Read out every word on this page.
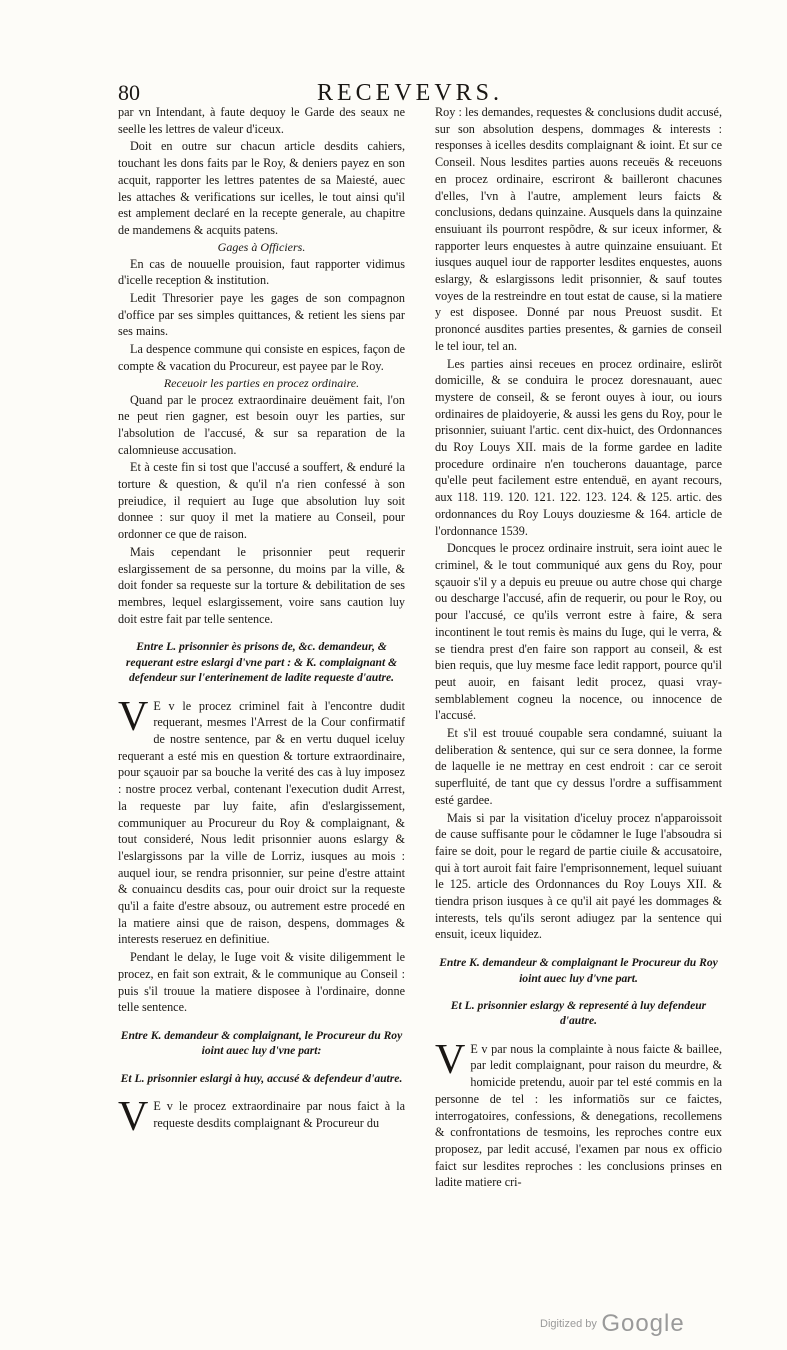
80	RECEVEVRS.

par vn Intendant, à faute dequoy le Garde des seaux ne seelle les lettres de valeur d'iceux.

Doit en outre sur chacun article desdits cahiers, touchant les dons faits par le Roy, & deniers payez en son acquit, rapporter les lettres patentes de sa Maiesté, auec les attaches & verifications sur icelles, le tout ainsi qu'il est amplement declaré en la recepte generale, au chapitre de mandemens & acquits patens.

Gages à Officiers.

En cas de nouuelle prouision, faut rapporter vidimus d'icelle reception & institution.

Ledit Thresorier paye les gages de son compagnon d'office par ses simples quittances, & retient les siens par ses mains.

La despence commune qui consiste en espices, façon de compte & vacation du Procureur, est payee par le Roy.

Receuoir les parties en procez ordinaire.

Quand par le procez extraordinaire deuëment fait, l'on ne peut rien gagner, est besoin ouyr les parties, sur l'absolution de l'accusé, & sur sa reparation de la calomnieuse accusation.

Et à ceste fin si tost que l'accusé a souffert, & enduré la torture & question, & qu'il n'a rien confessé à son preiudice, il requiert au Iuge que absolution luy soit donnee : sur quoy il met la matiere au Conseil, pour ordonner ce que de raison.

Mais cependant le prisonnier peut requerir eslargissement de sa personne, du moins par la ville, & doit fonder sa requeste sur la torture & debilitation de ses membres, lequel eslargissement, voire sans caution luy doit estre fait par telle sentence.

Entre L. prisonnier ès prisons de, &c. demandeur, & requerant estre eslargi d'vne part : & K. complaignant & defendeur sur l'enterinement de ladite requeste d'autre.

V E v le procez criminel fait à l'encontre dudit requerant, mesmes l'Arrest de la Cour confirmatif de nostre sentence, par & en vertu duquel iceluy requerant a esté mis en question & torture extraordinaire, pour sçauoir par sa bouche la verité des cas à luy imposez : nostre procez verbal, contenant l'execution dudit Arrest, la requeste par luy faite, afin d'eslargissement, communiquer au Procureur du Roy & complaignant, & tout consideré, Nous ledit prisonnier auons eslargy & l'eslargissons par la ville de Lorriz, iusques au mois : auquel iour, se rendra prisonnier, sur peine d'estre attaint & conuaincu desdits cas, pour ouir droict sur la requeste qu'il a faite d'estre absouz, ou autrement estre procedé en la matiere ainsi que de raison, despens, dommages & interests reseruez en definitiue.

Pendant le delay, le Iuge voit & visite diligemment le procez, en fait son extrait, & le communique au Conseil : puis s'il trouue la matiere disposee à l'ordinaire, donne telle sentence.

Entre K. demandeur & complaignant, le Procureur du Roy ioint auec luy d'vne part:
Et L. prisonnier eslargi à huy, accusé & defendeur d'autre.

V E v le procez extraordinaire par nous faict à la requeste desdits complaignant & Procureur du

Roy : les demandes, requestes & conclusions dudit accusé, sur son absolution despens, dommages & interests : responses à icelles desdits complaignant & ioint. Et sur ce Conseil. Nous lesdites parties auons receuës & receuons en procez ordinaire, escriront & bailleront chacunes d'elles, l'vn à l'autre, amplement leurs faicts & conclusions, dedans quinzaine. Ausquels dans la quinzaine ensuiuant ils pourront respõdre, & sur iceux informer, & rapporter leurs enquestes à autre quinzaine ensuiuant. Et iusques auquel iour de rapporter lesdites enquestes, auons eslargy, & eslargissons ledit prisonnier, & sauf toutes voyes de la restreindre en tout estat de cause, si la matiere y est disposee. Donné par nous Preuost susdit. Et prononcé ausdites parties presentes, & garnies de conseil le tel iour, tel an.

Les parties ainsi receues en procez ordinaire, eslirõt domicille, & se conduira le procez doresnauant, auec mystere de conseil, & se feront ouyes à iour, ou iours ordinaires de plaidoyerie, & aussi les gens du Roy, pour le prisonnier, suiuant l'artic. cent dix-huict, des Ordonnances du Roy Louys XII. mais de la forme gardee en ladite procedure ordinaire n'en toucherons dauantage, parce qu'elle peut facilement estre entenduë, en ayant recours, aux 118. 119. 120. 121. 122. 123. 124. & 125. artic. des ordonnances du Roy Louys douziesme & 164. article de l'ordonnance 1539.

Doncques le procez ordinaire instruit, sera ioint auec le criminel, & le tout communiqué aux gens du Roy, pour sçauoir s'il y a depuis eu preuue ou autre chose qui charge ou descharge l'accusé, afin de requerir, ou pour le Roy, ou pour l'accusé, ce qu'ils verront estre à faire, & sera incontinent le tout remis ès mains du Iuge, qui le verra, & se tiendra prest d'en faire son rapport au conseil, & est bien requis, que luy mesme face ledit rapport, pource qu'il peut auoir, en faisant ledit procez, quasi vray-semblablement cogneu la nocence, ou innocence de l'accusé.

Et s'il est trouué coupable sera condamné, suiuant la deliberation & sentence, qui sur ce sera donnee, la forme de laquelle ie ne mettray en cest endroit : car ce seroit superfluité, de tant que cy dessus l'ordre a suffisamment esté gardee.

Mais si par la visitation d'iceluy procez n'apparoissoit de cause suffisante pour le cõdamner le Iuge l'absoudra si faire se doit, pour le regard de partie ciuile & accusatoire, qui à tort auroit fait faire l'emprisonnement, lequel suiuant le 125. article des Ordonnances du Roy Louys XII. & tiendra prison iusques à ce qu'il ait payé les dommages & interests, tels qu'ils seront adiugez par la sentence qui ensuit, iceux liquidez.

Entre K. demandeur & complaignant le Procureur du Roy ioint auec luy d'vne part.
Et L. prisonnier eslargy & representé à luy defendeur d'autre.

V E v par nous la complainte à nous faicte & baillee, par ledit complaignant, pour raison du meurdre, & homicide pretendu, auoir par tel esté commis en la personne de tel : les informatiõs sur ce faictes, interrogatoires, confessions, & denegations, recollemens & confrontations de tesmoins, les reproches contre eux proposez, par ledit accusé, l'examen par nous ex officio faict sur lesdites reproches : les conclusions prinses en ladite matiere cri-

Digitized by Google
